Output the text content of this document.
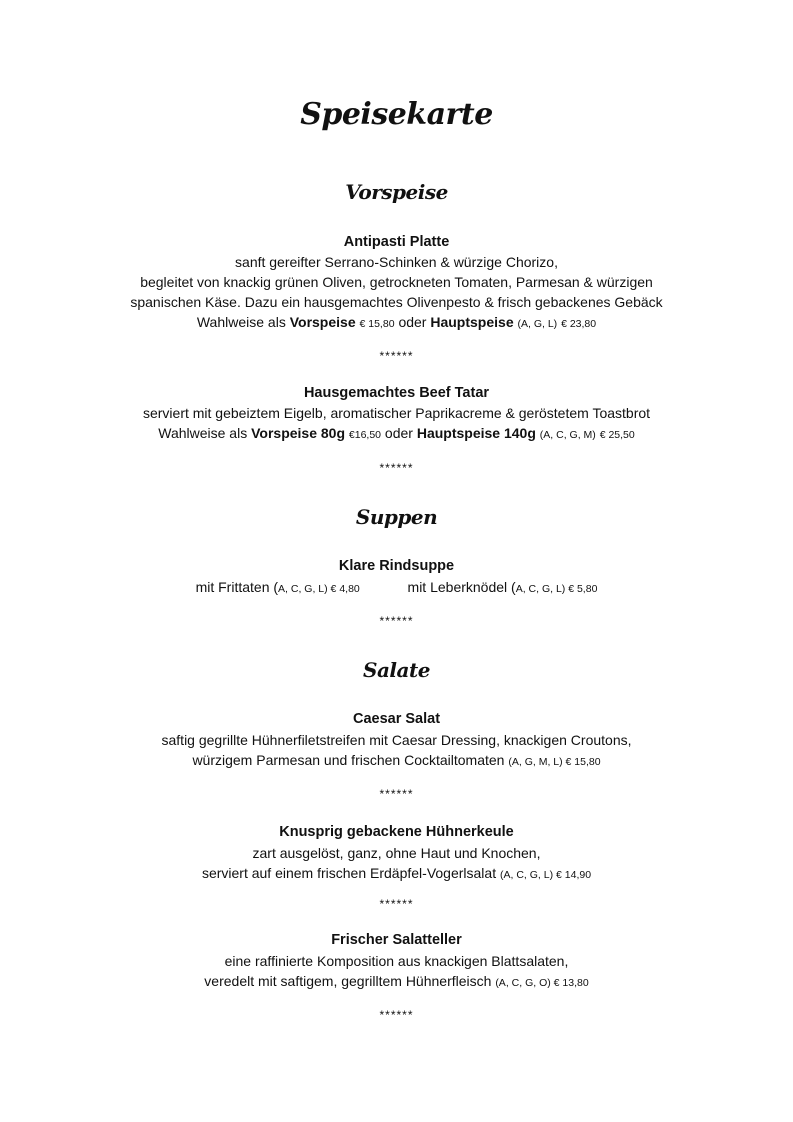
Speisekarte
Vorspeise
Antipasti Platte
sanft gereifter Serrano-Schinken & würzige Chorizo,
begleitet von knackig grünen Oliven, getrockneten Tomaten, Parmesan & würzigen
spanischen Käse. Dazu ein hausgemachtes Olivenpesto & frisch gebackenes Gebäck
Wahlweise als Vorspeise € 15,80 oder Hauptspeise (A, G, L) € 23,80
******
Hausgemachtes Beef Tatar
serviert mit gebeiztem Eigelb, aromatischer Paprikacreme & geröstetem Toastbrot
Wahlweise als Vorspeise 80g €16,50 oder Hauptspeise 140g (A, C, G, M) € 25,50
******
Suppen
Klare Rindsuppe
mit Frittaten (A, C, G, L) € 4,80	mit Leberknödel (A, C, G, L) € 5,80
******
Salate
Caesar Salat
saftig gegrillte Hühnerfiletstreifen mit Caesar Dressing, knackigen Croutons,
würzigem Parmesan und frischen Cocktailtomaten (A, G, M, L) € 15,80
******
Knusprig gebackene Hühnerkeule
zart ausgelöst, ganz, ohne Haut und Knochen,
serviert auf einem frischen Erdäpfel-Vogerlsalat (A, C, G, L) € 14,90
******
Frischer Salatteller
eine raffinierte Komposition aus knackigen Blattsalaten,
veredelt mit saftigem, gegrilltem Hühnerfleisch (A, C, G, O) € 13,80
******
